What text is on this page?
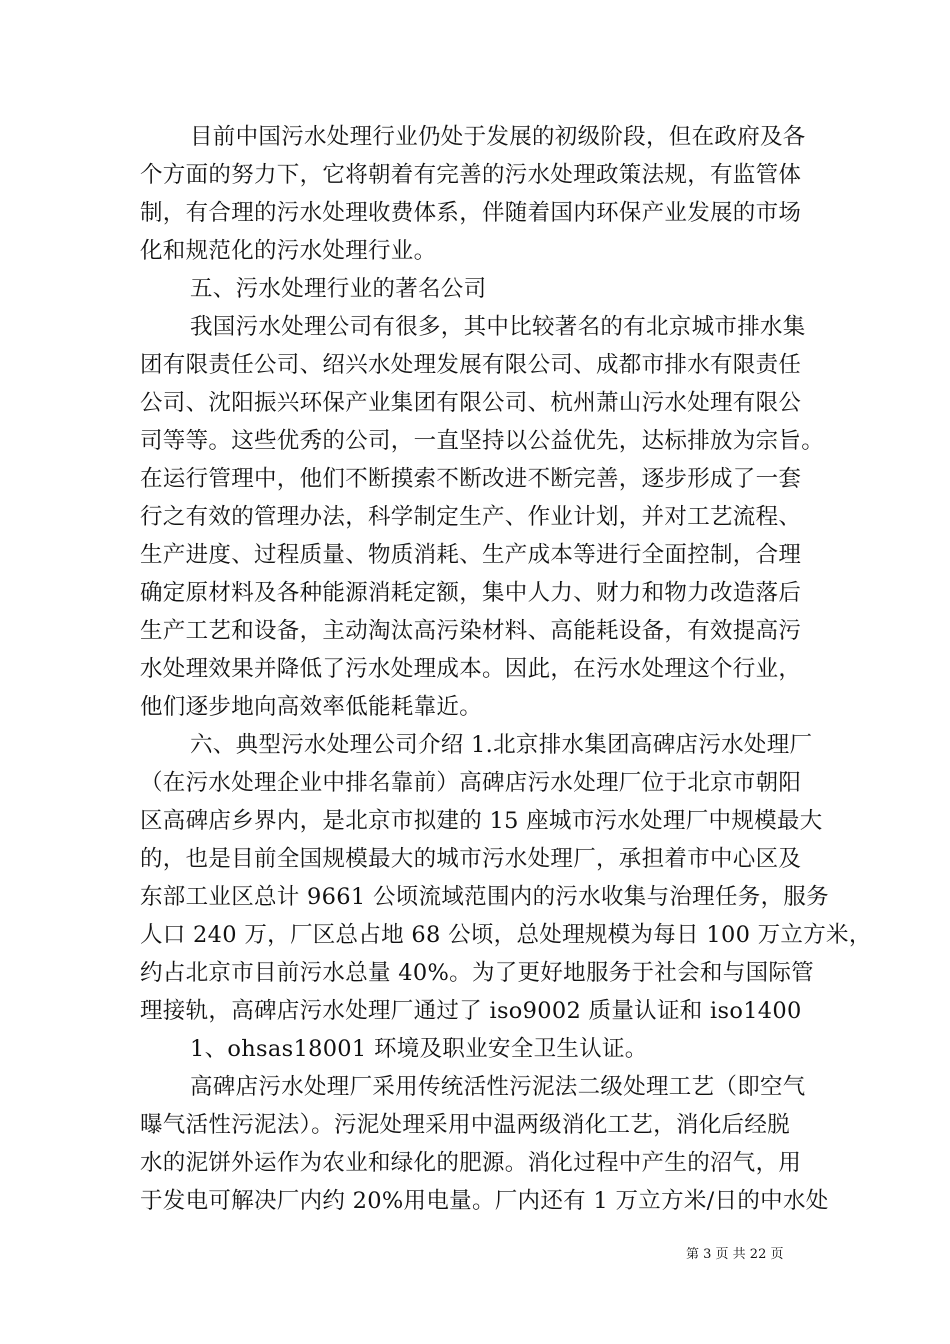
目前中国污水处理行业仍处于发展的初级阶段，但在政府及各
个方面的努力下，它将朝着有完善的污水处理政策法规，有监管体
制，有合理的污水处理收费体系，伴随着国内环保产业发展的市场
化和规范化的污水处理行业。
五、污水处理行业的著名公司
我国污水处理公司有很多，其中比较著名的有北京城市排水集
团有限责任公司、绍兴水处理发展有限公司、成都市排水有限责任
公司、沈阳振兴环保产业集团有限公司、杭州萧山污水处理有限公
司等等。这些优秀的公司，一直坚持以公益优先，达标排放为宗旨。
在运行管理中，他们不断摸索不断改进不断完善，逐步形成了一套
行之有效的管理办法，科学制定生产、作业计划，并对工艺流程、
生产进度、过程质量、物质消耗、生产成本等进行全面控制，合理
确定原材料及各种能源消耗定额，集中人力、财力和物力改造落后
生产工艺和设备，主动淘汰高污染材料、高能耗设备，有效提高污
水处理效果并降低了污水处理成本。因此，在污水处理这个行业，
他们逐步地向高效率低能耗靠近。
六、典型污水处理公司介绍 1.北京排水集团高碑店污水处理厂
（在污水处理企业中排名靠前）高碑店污水处理厂位于北京市朝阳
区高碑店乡界内，是北京市拟建的 15 座城市污水处理厂中规模最大
的，也是目前全国规模最大的城市污水处理厂，承担着市中心区及
东部工业区总计 9661 公顷流域范围内的污水收集与治理任务，服务
人口 240 万，厂区总占地 68 公顷，总处理规模为每日 100 万立方米，
约占北京市目前污水总量 40%。为了更好地服务于社会和与国际管
理接轨，高碑店污水处理厂通过了 iso9002 质量认证和 iso1400
1、ohsas18001 环境及职业安全卫生认证。
高碑店污水处理厂采用传统活性污泥法二级处理工艺（即空气
曝气活性污泥法）。污泥处理采用中温两级消化工艺，消化后经脱
水的泥饼外运作为农业和绿化的肥源。消化过程中产生的沼气，用
于发电可解决厂内约 20%用电量。厂内还有 1 万立方米/日的中水处
第 3 页 共 22 页
